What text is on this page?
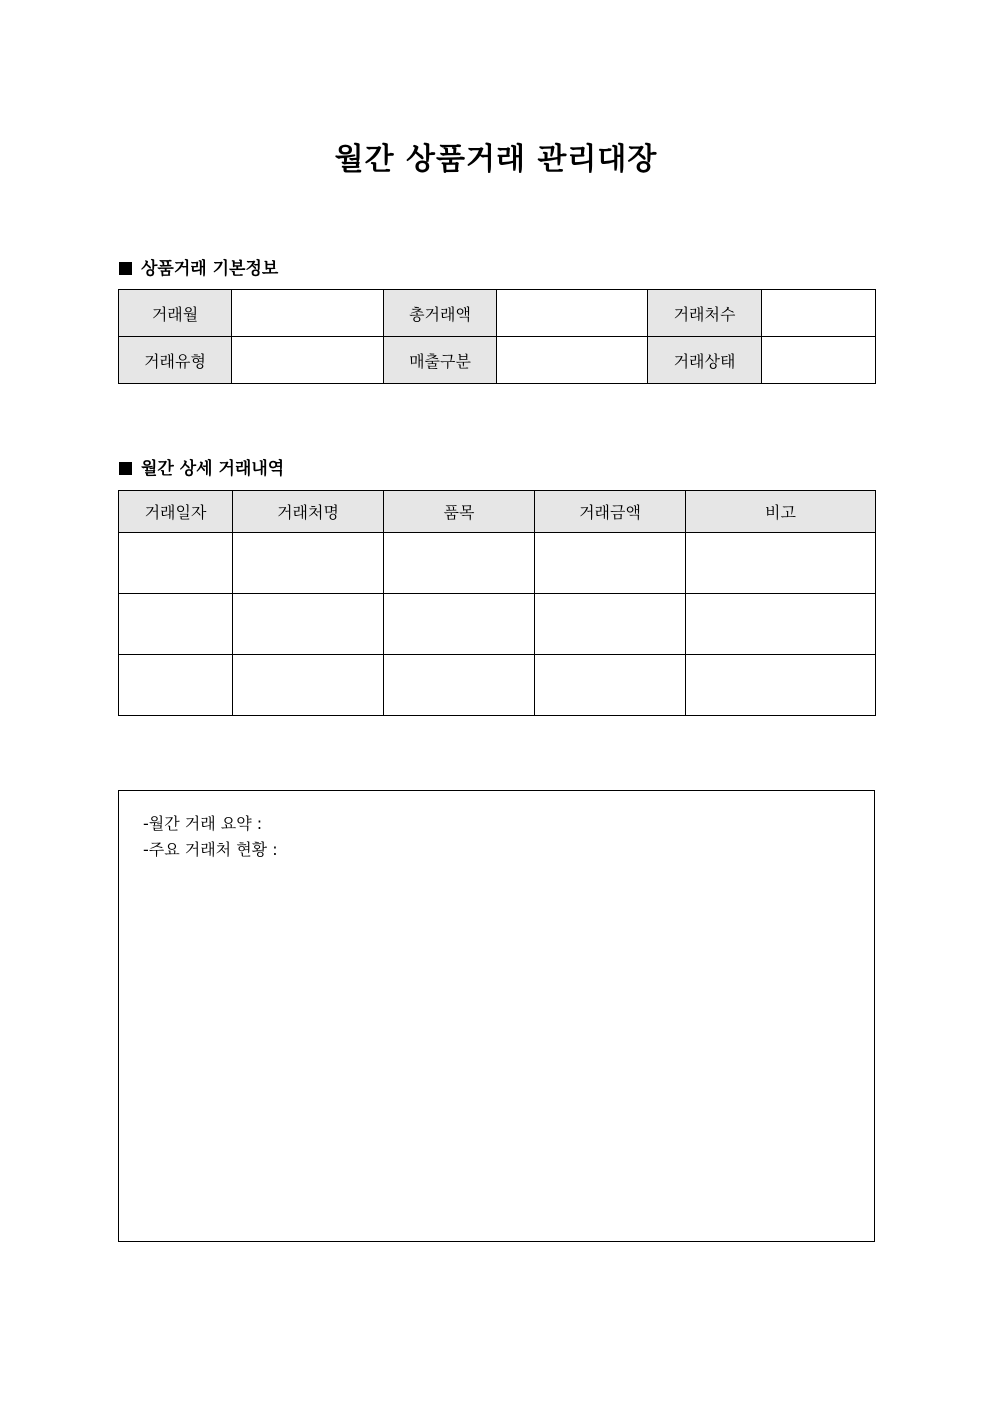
월간 상품거래 관리대장
상품거래 기본정보
거래월		총거래액		거래처수	
거래유형		매출구분		거래상태	
월간 상세 거래내역
거래일자	거래처명	품목	거래금액	비고

-월간 거래 요약 :
-주요 거래처 현황 :
